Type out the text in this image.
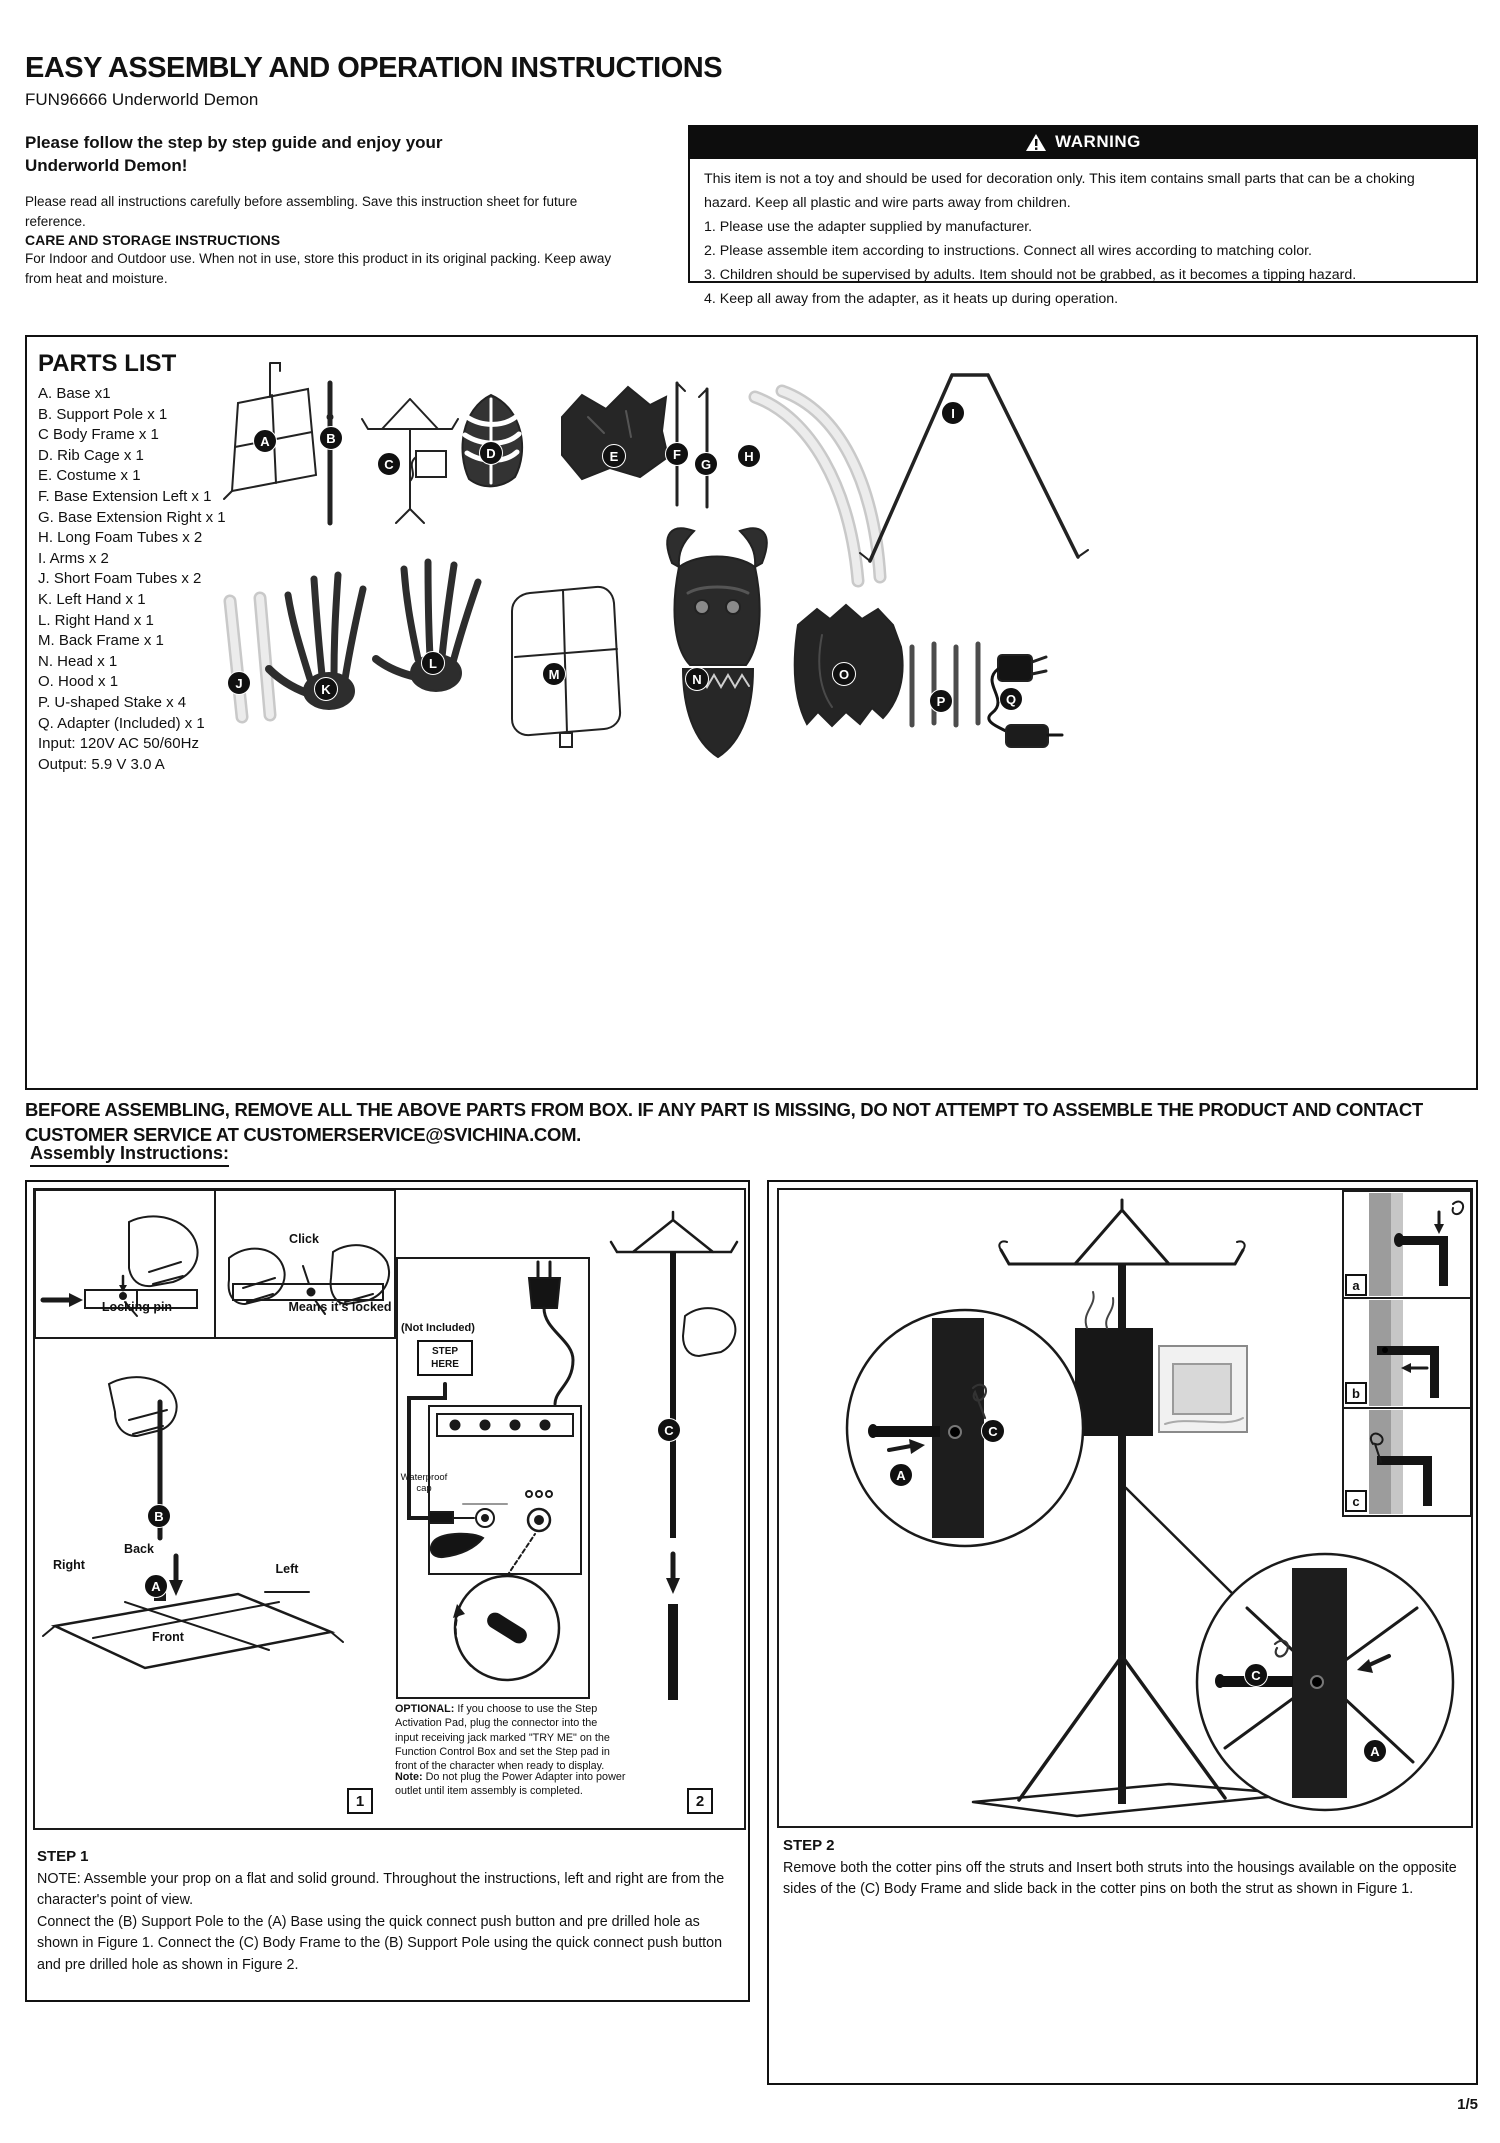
EASY ASSEMBLY AND OPERATION INSTRUCTIONS
FUN96666 Underworld Demon
Please follow the step by step guide and enjoy your Underworld Demon!
Please read all instructions carefully before assembling. Save this instruction sheet for future reference.
CARE AND STORAGE INSTRUCTIONS
For Indoor and Outdoor use. When not in use, store this product in its original packing. Keep away from heat and moisture.
WARNING
This item is not a toy and should be used for decoration only. This item contains small parts that can be a choking hazard. Keep all plastic and wire parts away from children.
1. Please use the adapter supplied by manufacturer.
2. Please assemble item according to instructions. Connect all wires according to matching color.
3. Children should be supervised by adults. Item should not be grabbed, as it becomes a tipping hazard.
4. Keep all away from the adapter, as it heats up during operation.
PARTS LIST
A. Base x1
B. Support Pole x 1
C Body Frame x 1
D. Rib Cage x 1
E. Costume x 1
F. Base Extension Left x 1
G. Base Extension Right x 1
H. Long Foam Tubes x 2
I. Arms x 2
J. Short Foam Tubes x 2
K. Left Hand x 1
L. Right Hand x 1
M. Back Frame x 1
N. Head x 1
O. Hood x 1
P. U-shaped Stake x 4
Q. Adapter (Included) x 1
Input: 120V AC 50/60Hz
Output: 5.9 V 3.0 A
A	B
C
D	E	F
G
H
I
J	K
L
M	N	O
P	Q
BEFORE ASSEMBLING, REMOVE ALL THE ABOVE PARTS FROM BOX. IF ANY PART IS MISSING, DO NOT ATTEMPT TO ASSEMBLE THE PRODUCT AND CONTACT CUSTOMER SERVICE AT CUSTOMERSERVICE@SVICHINA.COM.
Assembly Instructions:
Locking pin
Click
Means it's locked
Right
Back
Left
Front
(Not Included)
STEP
HERE
Waterproof cap
B
A
C
1	2
OPTIONAL: If you choose to use the Step Activation Pad, plug the connector into the input receiving jack marked "TRY ME" on the Function Control Box and set the Step pad in front of the character when ready to display.
Note: Do not plug the Power Adapter into power outlet until item assembly is completed.
STEP 1

NOTE: Assemble your prop on a flat and solid ground. Throughout the instructions, left and right are from the character's point of view.

Connect the (B) Support Pole to the (A) Base using the quick connect push button and pre drilled hole as shown in Figure 1. Connect the (C) Body Frame to the (B) Support Pole using the quick connect push button and pre drilled hole as shown in Figure 2.

a
b
c
A
C
C
A
STEP 2

Remove both the cotter pins off the struts and Insert both struts into the housings available on the opposite sides of the (C) Body Frame and slide back in the cotter pins on both the strut as shown in Figure 1.

1/5
